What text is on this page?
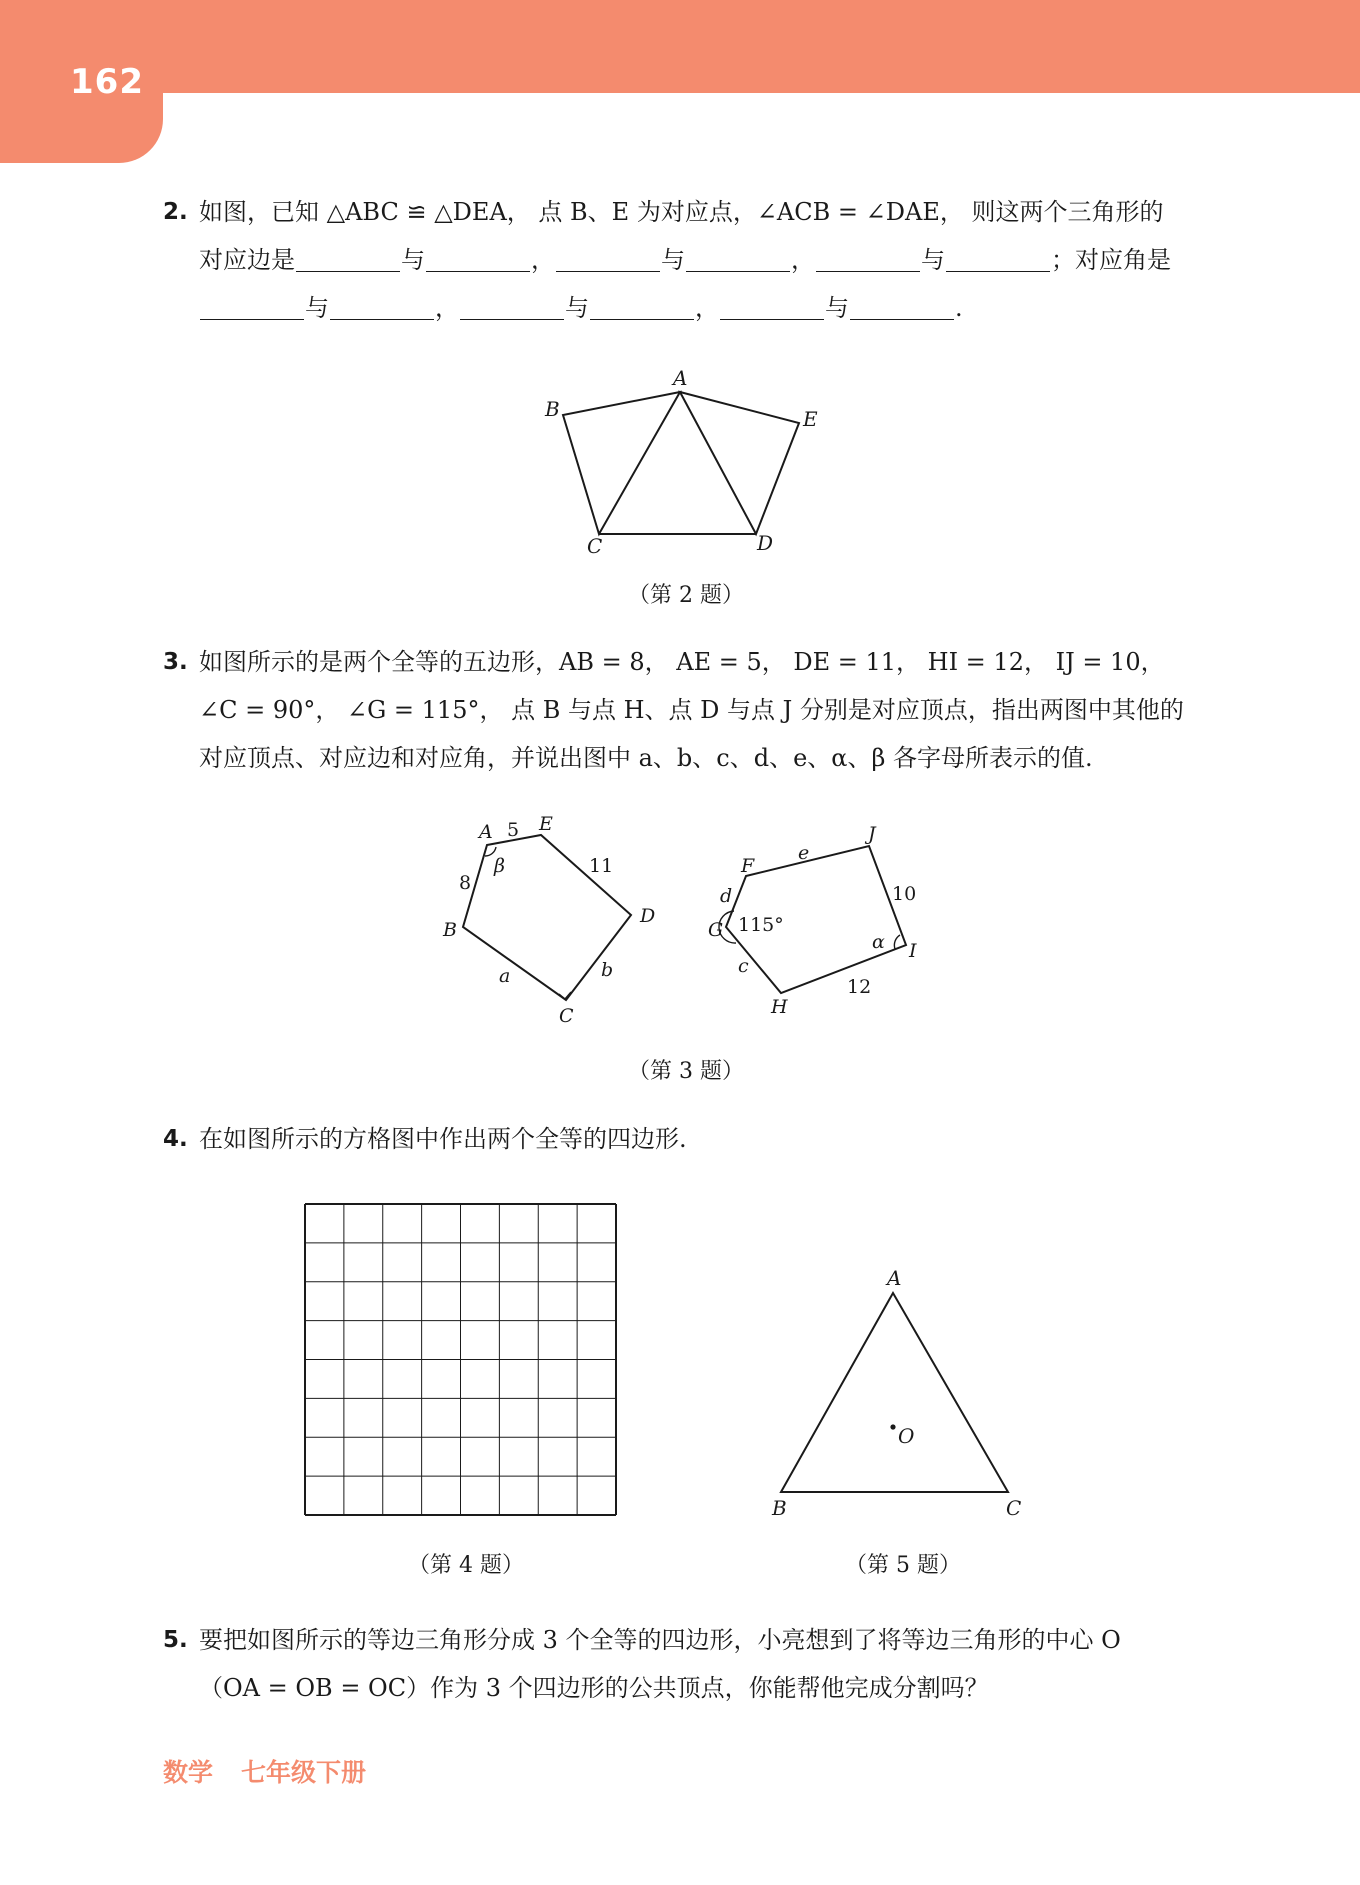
162
2. 如图，已知 △ABC ≌ △DEA， 点 B、E 为对应点，∠ACB = ∠DAE， 则这两个三角形的
对应边是	与	，	与	，	与	；对应角是
与	，	与	，	与	.
A
B
C	D
E
（第 2 题）
3. 如图所示的是两个全等的五边形，AB = 8， AE = 5， DE = 11， HI = 12， IJ = 10，
∠C = 90°， ∠G = 115°， 点 B 与点 H、点 D 与点 J 分别是对应顶点，指出两图中其他的
对应顶点、对应边和对应角，并说出图中 a、b、c、d、e、α、β 各字母所表示的值.
A 5 E
11
D
8
β
B
a	b
C
F
e
J
d	10
G 115°
α I
c
12
H
（第 3 题）
4. 在如图所示的方格图中作出两个全等的四边形.
（第 4 题）
A
B	C
O
（第 5 题）
5. 要把如图所示的等边三角形分成 3 个全等的四边形，小亮想到了将等边三角形的中心 O
（OA = OB = OC）作为 3 个四边形的公共顶点，你能帮他完成分割吗？
数学 七年级下册
